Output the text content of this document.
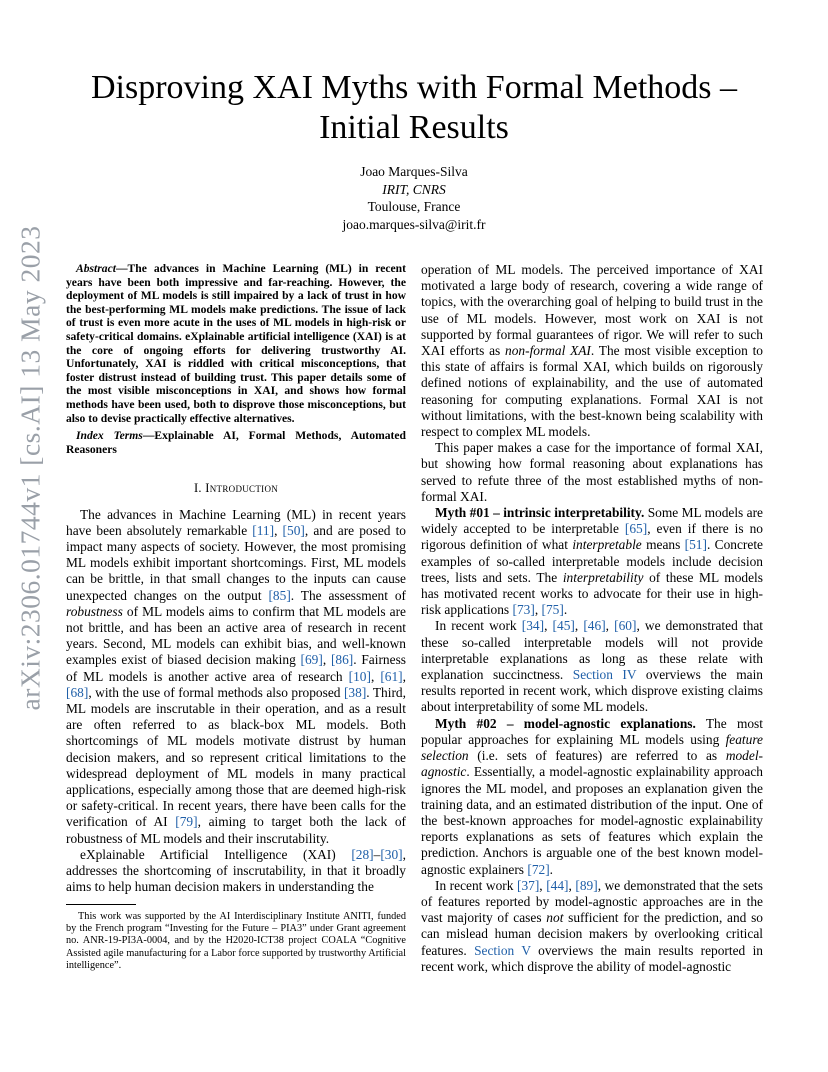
Disproving XAI Myths with Formal Methods – Initial Results
Joao Marques-Silva
IRIT, CNRS
Toulouse, France
joao.marques-silva@irit.fr
arXiv:2306.01744v1 [cs.AI] 13 May 2023	Abstract—The advances in Machine Learning (ML) in recent years have been both impressive and far-reaching. However, the deployment of ML models is still impaired by a lack of trust in how the best-performing ML models make predictions. The issue of lack of trust is even more acute in the uses of ML models in high-risk or safety-critical domains. eXplainable artificial intelligence (XAI) is at the core of ongoing efforts for delivering trustworthy AI. Unfortunately, XAI is riddled with critical misconceptions, that foster distrust instead of building trust. This paper details some of the most visible misconceptions in XAI, and shows how formal methods have been used, both to disprove those misconceptions, but also to devise practically effective alternatives.

Index Terms—Explainable AI, Formal Methods, Automated Reasoners

I. Introduction

The advances in Machine Learning (ML) in recent years have been absolutely remarkable [11], [50], and are posed to impact many aspects of society. However, the most promising ML models exhibit important shortcomings. First, ML models can be brittle, in that small changes to the inputs can cause unexpected changes on the output [85]. The assessment of robustness of ML models aims to confirm that ML models are not brittle, and has been an active area of research in recent years. Second, ML models can exhibit bias, and well-known examples exist of biased decision making [69], [86]. Fairness of ML models is another active area of research [10], [61], [68], with the use of formal methods also proposed [38]. Third, ML models are inscrutable in their operation, and as a result are often referred to as black-box ML models. Both shortcomings of ML models motivate distrust by human decision makers, and so represent critical limitations to the widespread deployment of ML models in many practical applications, especially among those that are deemed high-risk or safety-critical. In recent years, there have been calls for the verification of AI [79], aiming to target both the lack of robustness of ML models and their inscrutability.

eXplainable Artificial Intelligence (XAI) [28]–[30], addresses the shortcoming of inscrutability, in that it broadly aims to help human decision makers in understanding the

This work was supported by the AI Interdisciplinary Institute ANITI, funded by the French program “Investing for the Future – PIA3” under Grant agreement no. ANR-19-PI3A-0004, and by the H2020-ICT38 project COALA “Cognitive Assisted agile manufacturing for a Labor force supported by trustworthy Artificial intelligence”.

operation of ML models. The perceived importance of XAI motivated a large body of research, covering a wide range of topics, with the overarching goal of helping to build trust in the use of ML models. However, most work on XAI is not supported by formal guarantees of rigor. We will refer to such XAI efforts as non-formal XAI. The most visible exception to this state of affairs is formal XAI, which builds on rigorously defined notions of explainability, and the use of automated reasoning for computing explanations. Formal XAI is not without limitations, with the best-known being scalability with respect to complex ML models.

This paper makes a case for the importance of formal XAI, but showing how formal reasoning about explanations has served to refute three of the most established myths of non-formal XAI.

Myth #01 – intrinsic interpretability. Some ML models are widely accepted to be interpretable [65], even if there is no rigorous definition of what interpretable means [51]. Concrete examples of so-called interpretable models include decision trees, lists and sets. The interpretability of these ML models has motivated recent works to advocate for their use in high-risk applications [73], [75].

In recent work [34], [45], [46], [60], we demonstrated that these so-called interpretable models will not provide interpretable explanations as long as these relate with explanation succinctness. Section IV overviews the main results reported in recent work, which disprove existing claims about interpretability of some ML models.

Myth #02 – model-agnostic explanations. The most popular approaches for explaining ML models using feature selection (i.e. sets of features) are referred to as model-agnostic. Essentially, a model-agnostic explainability approach ignores the ML model, and proposes an explanation given the training data, and an estimated distribution of the input. One of the best-known approaches for model-agnostic explainability reports explanations as sets of features which explain the prediction. Anchors is arguable one of the best known model-agnostic explainers [72].

In recent work [37], [44], [89], we demonstrated that the sets of features reported by model-agnostic approaches are in the vast majority of cases not sufficient for the prediction, and so can mislead human decision makers by overlooking critical features. Section V overviews the main results reported in recent work, which disprove the ability of model-agnostic
